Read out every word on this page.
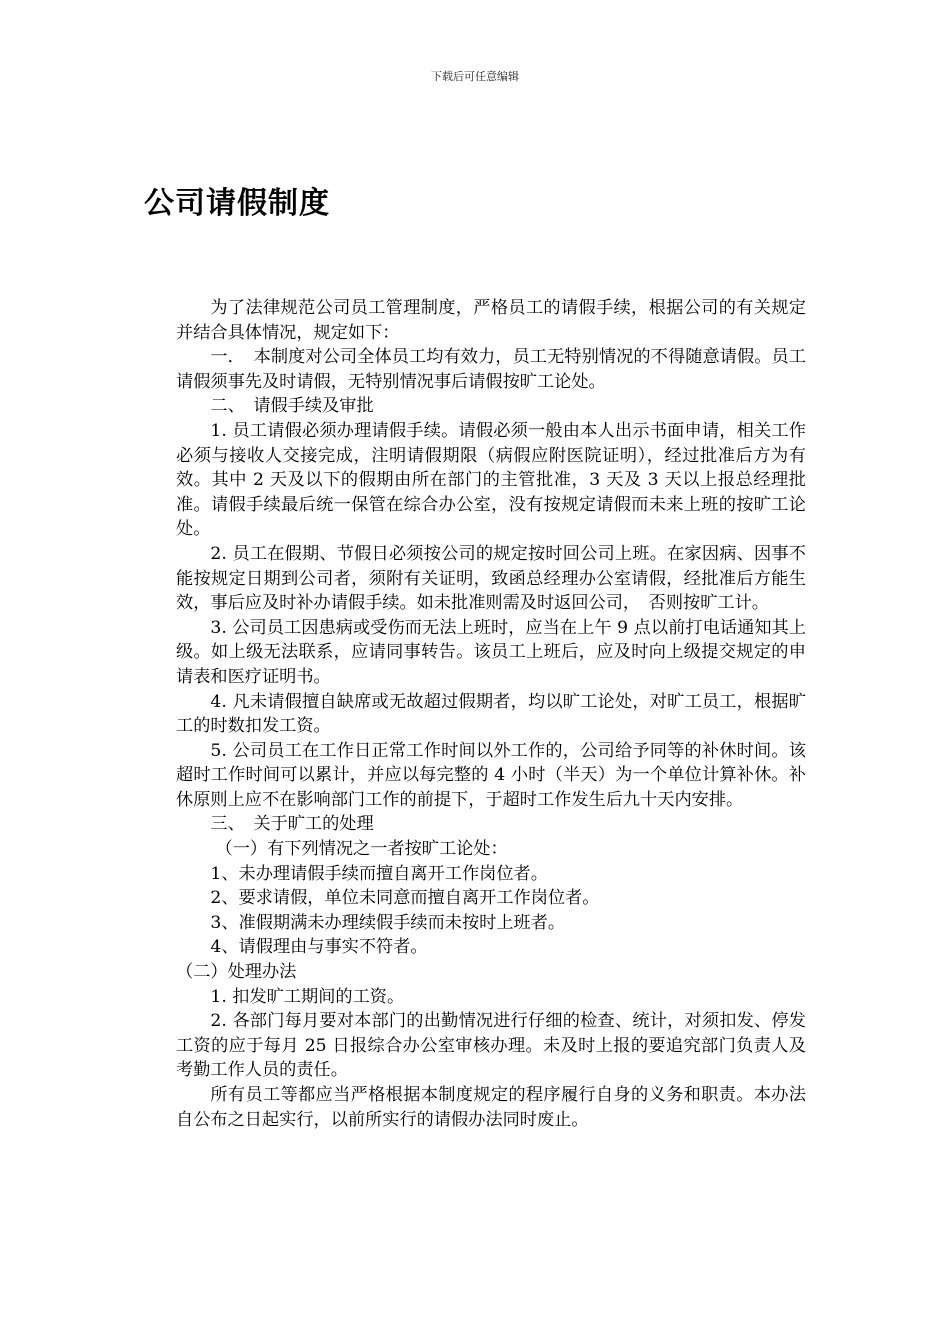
下载后可任意编辑
公司请假制度

为了法律规范公司员工管理制度，严格员工的请假手续，根据公司的有关规定并结合具体情况，规定如下：

一．　本制度对公司全体员工均有效力，员工无特别情况的不得随意请假。员工请假须事先及时请假，无特别情况事后请假按旷工论处。

二、　请假手续及审批

1. 员工请假必须办理请假手续。请假必须一般由本人出示书面申请，相关工作必须与接收人交接完成，注明请假期限（病假应附医院证明），经过批准后方为有效。其中 2 天及以下的假期由所在部门的主管批准，3 天及 3 天以上报总经理批准。请假手续最后统一保管在综合办公室，没有按规定请假而未来上班的按旷工论处。

2. 员工在假期、节假日必须按公司的规定按时回公司上班。在家因病、因事不能按规定日期到公司者，须附有关证明，致函总经理办公室请假，经批准后方能生效，事后应及时补办请假手续。如未批准则需及时返回公司，　否则按旷工计。

3. 公司员工因患病或受伤而无法上班时，应当在上午 9 点以前打电话通知其上级。如上级无法联系，应请同事转告。该员工上班后，应及时向上级提交规定的申请表和医疗证明书。

4. 凡未请假擅自缺席或无故超过假期者，均以旷工论处，对旷工员工，根据旷工的时数扣发工资。

5. 公司员工在工作日正常工作时间以外工作的，公司给予同等的补休时间。该超时工作时间可以累计，并应以每完整的 4 小时（半天）为一个单位计算补休。补休原则上应不在影响部门工作的前提下，于超时工作发生后九十天内安排。

三、　关于旷工的处理

（一）有下列情况之一者按旷工论处：

1、未办理请假手续而擅自离开工作岗位者。

2、要求请假，单位未同意而擅自离开工作岗位者。

3、准假期满未办理续假手续而未按时上班者。

4、请假理由与事实不符者。

（二）处理办法

1. 扣发旷工期间的工资。

2. 各部门每月要对本部门的出勤情况进行仔细的检查、统计，对须扣发、停发工资的应于每月 25 日报综合办公室审核办理。未及时上报的要追究部门负责人及考勤工作人员的责任。

所有员工等都应当严格根据本制度规定的程序履行自身的义务和职责。本办法自公布之日起实行，以前所实行的请假办法同时废止。
